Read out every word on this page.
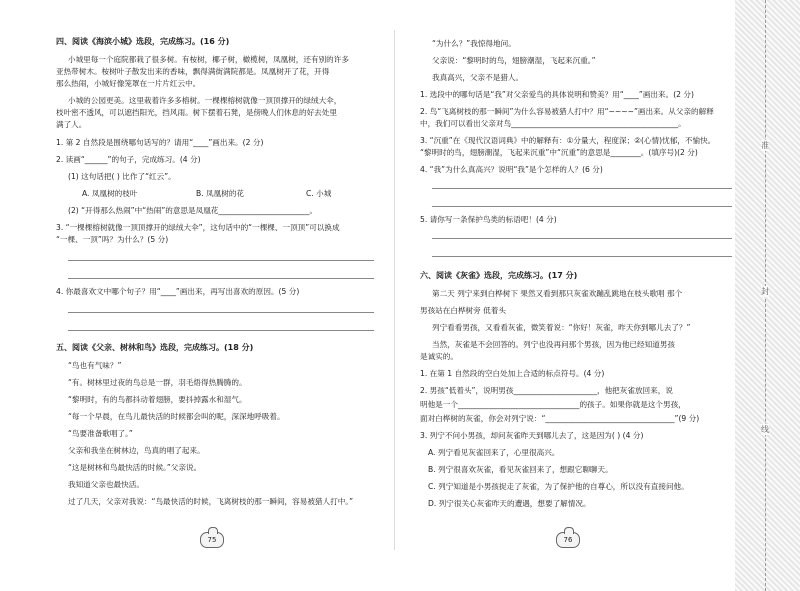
准
封
线
四、阅读《海滨小城》选段，完成练习。(16 分)
小城里每一个庭院都栽了很多树。有桉树，椰子树，橄榄树，凤凰树，还有别的许多
亚热带树木。桉树叶子散发出来的香味，飘得满街满院都是。凤凰树开了花，开得
那么热闹，小城好像笼罩在一片片红云中。
小城的公园更美。这里栽着许多多榕树。一棵棵榕树就像一顶顶撑开的绿绒大伞，
枝叶密不透风，可以遮挡阳光，挡风雨。树下摆着石凳，是傍晚人们休息的好去处里
满了人。
1. 第 2 自然段是围绕哪句话写的？请用“____”画出来。(2 分)
2. 读画“______”的句子，完成练习。(4 分)
(1) 这句话把( ) 比作了“红云”。
A. 凤凰树的枝叶	B. 凤凰树的花	C. 小城
(2) “开得那么热闹”中“热闹”的意思是凤凰花________________________。
3. “一棵棵榕树就像一顶顶撑开的绿绒大伞”，这句话中的“一棵棵、一顶顶”可以换成
“一棵、一顶”吗？为什么？(5 分)
4. 你最喜欢文中哪个句子？用“____”画出来，再写出喜欢的原因。(5 分)
五、阅读《父亲、树林和鸟》选段，完成练习。(18 分)
“鸟也有气味？”
“有。树林里过夜的鸟总是一群，羽毛焐得热腾腾的。
“黎明时，有的鸟都抖动着翅膀，要抖掉露水和湿气。
“每一个早晨，在鸟儿最快活的时候都会叫的呢，深深地呼吸着。
“鸟要准备歌唱了。”
父亲和我坐在树林边，鸟真的唱了起来。
“这是树林和鸟最快活的时候。”父亲说。
我知道父亲也最快活。
过了几天，父亲对我说：“鸟最快活的时候，飞离树枝的那一瞬间，容易被猎人打中。”
75
“为什么？”我惊得地问。
父亲说：“黎明时的鸟，翅膀潮湿，飞起来沉重。”
我真高兴，父亲不是猎人。
1. 选段中的哪句话是“我”对父亲爱鸟的具体说明和赞美？用“____”画出来。(2 分)
2. 鸟“飞离树枝的那一瞬间”为什么容易被猎人打中？用“~~~~”画出来。从父亲的解释
中，我们可以看出父亲对鸟____________________________________________。
3. “沉重”在《现代汉语词典》中的解释有：①分量大，程度深；②(心情)忧郁，不愉快。
“黎明时的鸟，翅膀潮湿，飞起来沉重”中“沉重”的意思是________。(填序号)(2 分)
4. “我”为什么真高兴？说明“我”是个怎样的人？(6 分)
5. 请你写一条保护鸟类的标语吧！(4 分)
六、阅读《灰雀》选段，完成练习。(17 分)
第二天 列宁来到白桦树下 果然又看到那只灰雀欢蹦乱跳地在枝头歌唱 那个
男孩站在白桦树旁 低着头
列宁看看男孩，又看看灰雀，微笑着说：“你好！灰雀，昨天你到哪儿去了？”
当然，灰雀是不会回答的。列宁也没再问那个男孩，因为他已经知道男孩
是诚实的。
1. 在第 1 自然段的空白处加上合适的标点符号。(4 分)
2. 男孩“低着头”，说明男孩______________________，他把灰雀放回来，说
明他是一个________________________________的孩子。如果你就是这个男孩，
面对白桦树的灰雀，你会对列宁说：“__________________________________”(9 分)
3. 列宁不问小男孩，却问灰雀昨天到哪儿去了，这是因为( ) (4 分)
A. 列宁看见灰雀回来了，心里很高兴。
B. 列宁很喜欢灰雀，看见灰雀回来了，想跟它聊聊天。
C. 列宁知道是小男孩捉走了灰雀，为了保护他的自尊心，所以没有直接问他。
D. 列宁很关心灰雀昨天的遭遇，想要了解情况。
76
